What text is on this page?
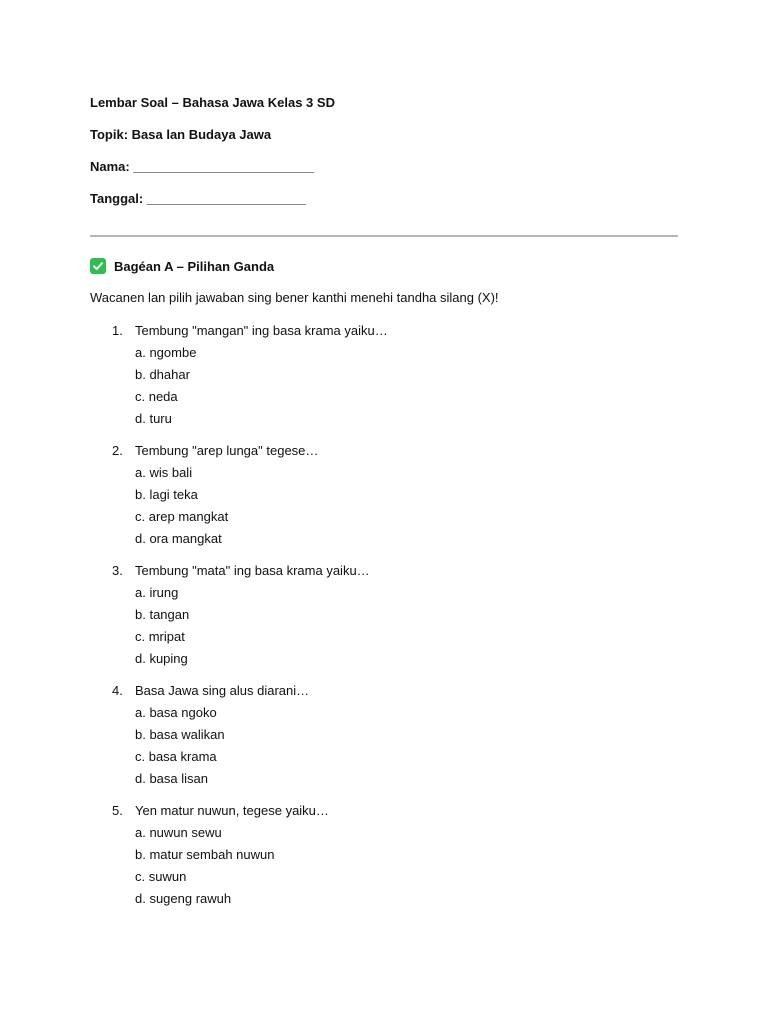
Lembar Soal – Bahasa Jawa Kelas 3 SD
Topik: Basa lan Budaya Jawa
Nama: _________________________
Tanggal: ______________________
Bagéan A – Pilihan Ganda
Wacanen lan pilih jawaban sing bener kanthi menehi tandha silang (X)!
1. Tembung "mangan" ing basa krama yaiku…
a. ngombe
b. dhahar
c. neda
d. turu
2. Tembung "arep lunga" tegese…
a. wis bali
b. lagi teka
c. arep mangkat
d. ora mangkat
3. Tembung "mata" ing basa krama yaiku…
a. irung
b. tangan
c. mripat
d. kuping
4. Basa Jawa sing alus diarani…
a. basa ngoko
b. basa walikan
c. basa krama
d. basa lisan
5. Yen matur nuwun, tegese yaiku…
a. nuwun sewu
b. matur sembah nuwun
c. suwun
d. sugeng rawuh
